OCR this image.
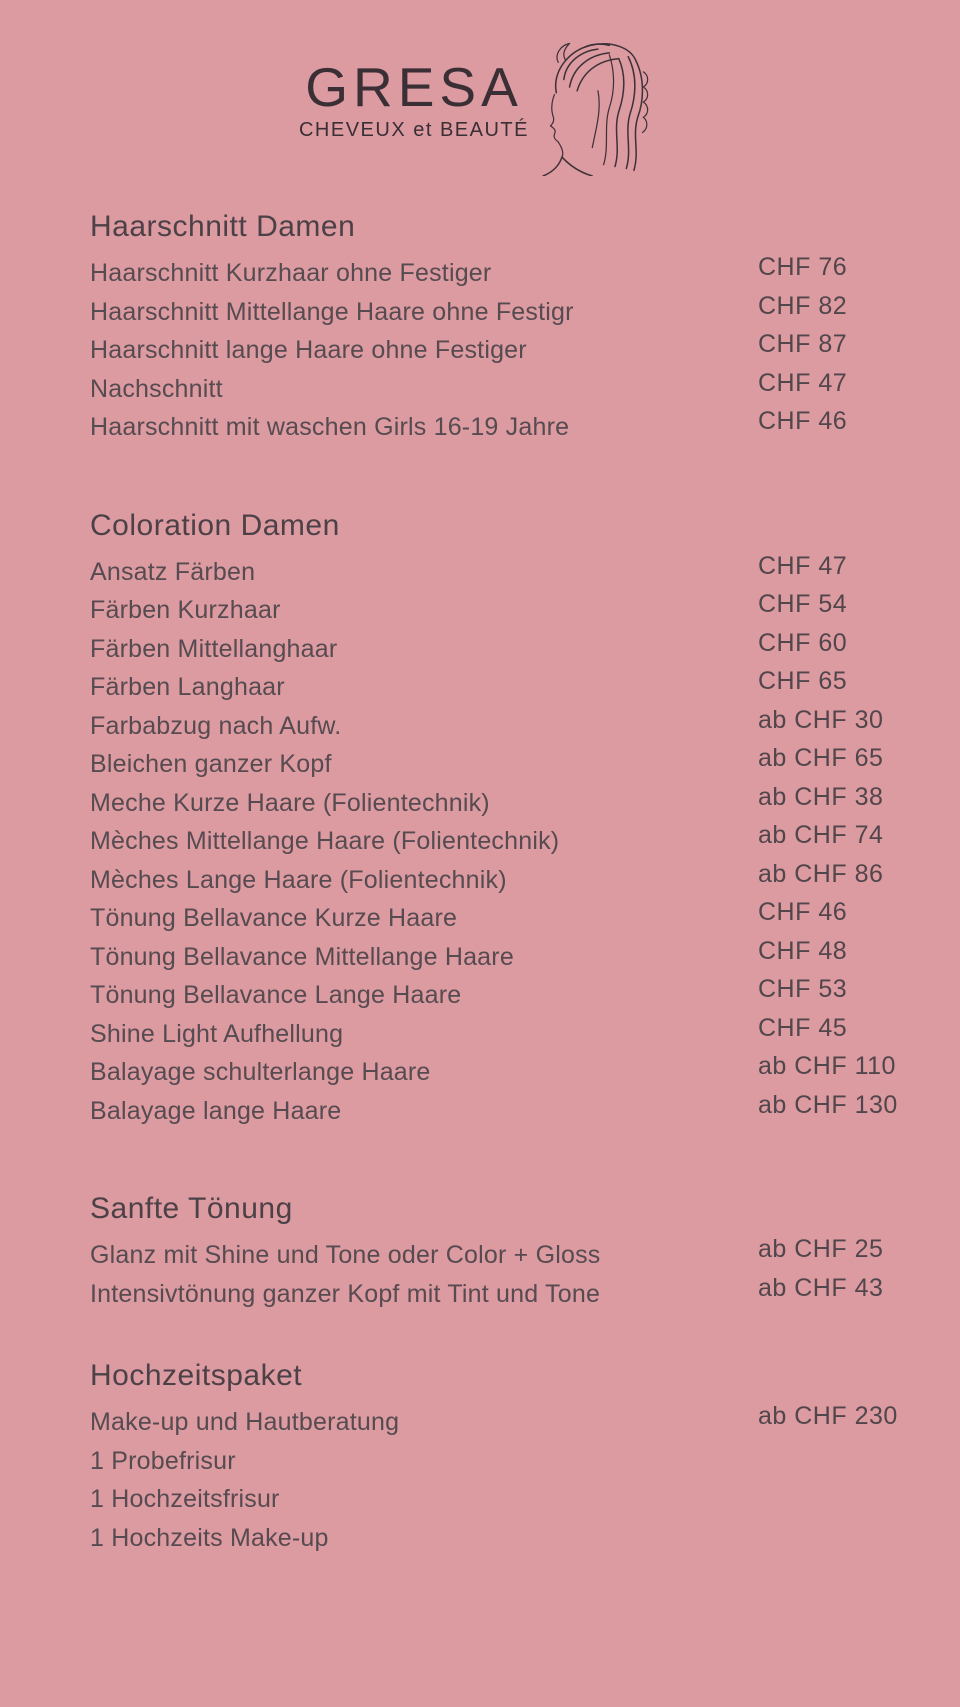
GRESA
CHEVEUX et BEAUTÉ
Haarschnitt Damen
Haarschnitt Kurzhaar ohne Festiger	CHF 76
Haarschnitt Mittellange Haare ohne Festigr	CHF 82
Haarschnitt lange Haare ohne Festiger	CHF 87
Nachschnitt	CHF 47
Haarschnitt mit waschen Girls 16-19 Jahre	CHF 46
Coloration Damen
Ansatz Färben	CHF 47
Färben Kurzhaar	CHF 54
Färben Mittellanghaar	CHF 60
Färben Langhaar	CHF 65
Farbabzug nach Aufw.	ab CHF 30
Bleichen ganzer Kopf	ab CHF 65
Meche Kurze Haare (Folientechnik)	ab CHF 38
Mèches Mittellange Haare (Folientechnik)	ab CHF 74
Mèches Lange Haare (Folientechnik)	ab CHF 86
Tönung Bellavance Kurze Haare	CHF 46
Tönung Bellavance Mittellange Haare	CHF 48
Tönung Bellavance Lange Haare	CHF 53
Shine Light Aufhellung	CHF 45
Balayage schulterlange Haare	ab CHF 110
Balayage lange Haare	ab CHF 130
Sanfte Tönung
Glanz mit Shine und Tone oder Color + Gloss	ab CHF 25
Intensivtönung ganzer Kopf mit Tint und Tone	ab CHF 43
Hochzeitspaket
Make-up und Hautberatung	ab CHF 230
1 Probefrisur
1 Hochzeitsfrisur
1 Hochzeits Make-up
